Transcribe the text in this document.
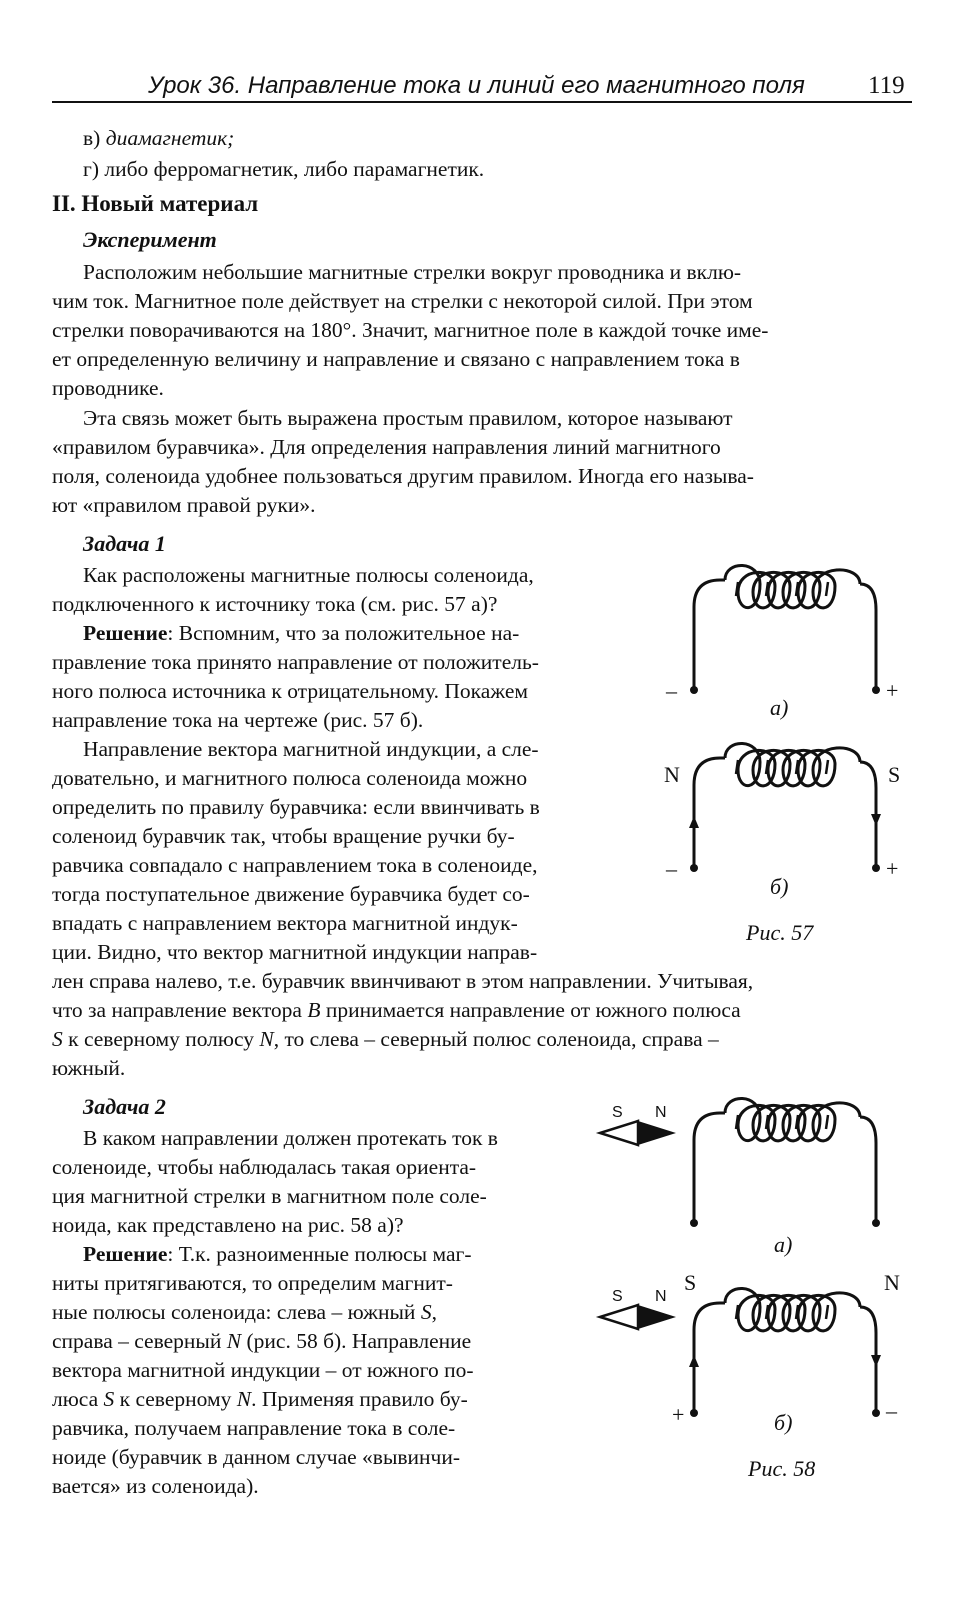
Урок 36. Направление тока и линий его магнитного поля	119
в) диамагнетик;
г) либо ферромагнетик, либо парамагнетик.
II. Новый материал
Эксперимент
Расположим небольшие магнитные стрелки вокруг проводника и вклю-
чим ток. Магнитное поле действует на стрелки с некоторой силой. При этом
стрелки поворачиваются на 180°. Значит, магнитное поле в каждой точке име-
ет определенную величину и направление и связано с направлением тока в
проводнике.
Эта связь может быть выражена простым правилом, которое называют
«правилом буравчика». Для определения направления линий магнитного
поля, соленоида удобнее пользоваться другим правилом. Иногда его называ-
ют «правилом правой руки».
Задача 1
Как расположены магнитные полюсы соленоида,
подключенного к источнику тока (см. рис. 57 а)?
Решение: Вспомним, что за положительное на-
правление тока принято направление от положитель-
ного полюса источника к отрицательному. Покажем
направление тока на чертеже (рис. 57 б).
Направление вектора магнитной индукции, а сле-
довательно, и магнитного полюса соленоида можно
определить по правилу буравчика: если ввинчивать в
соленоид буравчик так, чтобы вращение ручки бу-
равчика совпадало с направлением тока в соленоиде,
тогда поступательное движение буравчика будет со-
впадать с направлением вектора магнитной индук-
ции. Видно, что вектор магнитной индукции направ-
лен справа налево, т.е. буравчик ввинчивают в этом направлении. Учитывая,
что за направление вектора B принимается направление от южного полюса
S к северному полюсу N, то слева – северный полюс соленоида, справа –
южный.
Задача 2
В каком направлении должен протекать ток в
соленоиде, чтобы наблюдалась такая ориента-
ция магнитной стрелки в магнитном поле соле-
ноида, как представлено на рис. 58 а)?
Решение: Т.к. разноименные полюсы маг-
ниты притягиваются, то определим магнит-
ные полюсы соленоида: слева – южный S,
справа – северный N (рис. 58 б). Направление
вектора магнитной индукции – от южного по-
люса S к северному N. Применяя правило бу-
равчика, получаем направление тока в соле-
ноиде (буравчик в данном случае «вывинчи-
вается» из соленоида).
–	+
а)
N	S
–	+
б)
Рис. 57
S N
а)
S N
S	N
+	–
б)
Рис. 58
